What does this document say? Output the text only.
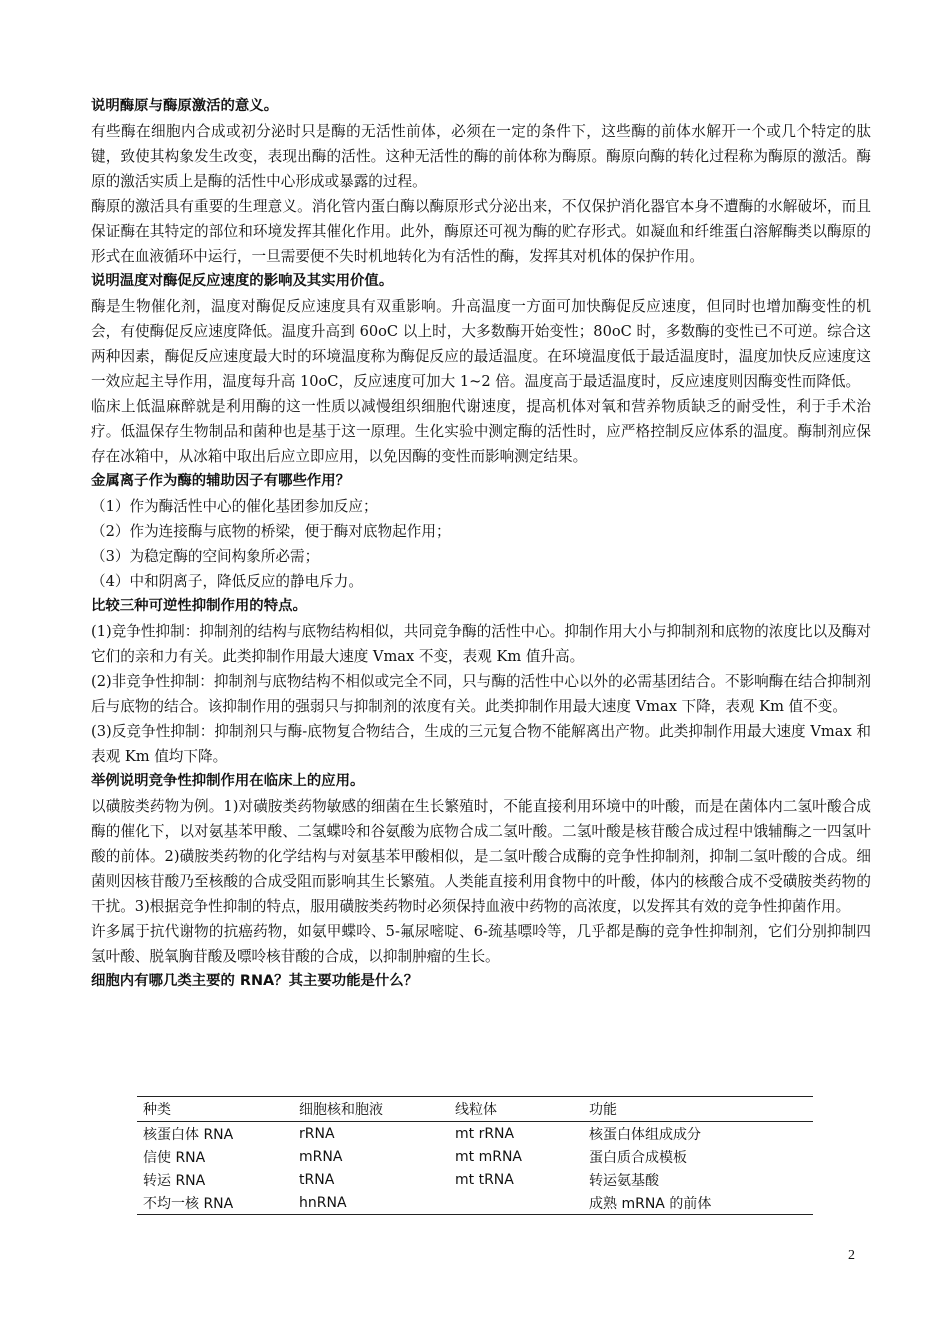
说明酶原与酶原激活的意义。
有些酶在细胞内合成或初分泌时只是酶的无活性前体，必须在一定的条件下，这些酶的前体水解开一个或几个特定的肽键，致使其构象发生改变，表现出酶的活性。这种无活性的酶的前体称为酶原。酶原向酶的转化过程称为酶原的激活。酶原的激活实质上是酶的活性中心形成或暴露的过程。
酶原的激活具有重要的生理意义。消化管内蛋白酶以酶原形式分泌出来，不仅保护消化器官本身不遭酶的水解破坏，而且保证酶在其特定的部位和环境发挥其催化作用。此外，酶原还可视为酶的贮存形式。如凝血和纤维蛋白溶解酶类以酶原的形式在血液循环中运行，一旦需要便不失时机地转化为有活性的酶，发挥其对机体的保护作用。
说明温度对酶促反应速度的影响及其实用价值。
酶是生物催化剂，温度对酶促反应速度具有双重影响。升高温度一方面可加快酶促反应速度，但同时也增加酶变性的机会，有使酶促反应速度降低。温度升高到 60oC 以上时，大多数酶开始变性；80oC 时，多数酶的变性已不可逆。综合这两种因素，酶促反应速度最大时的环境温度称为酶促反应的最适温度。在环境温度低于最适温度时，温度加快反应速度这一效应起主导作用，温度每升高 10oC，反应速度可加大 1~2 倍。温度高于最适温度时，反应速度则因酶变性而降低。
临床上低温麻醉就是利用酶的这一性质以减慢组织细胞代谢速度，提高机体对氧和营养物质缺乏的耐受性，利于手术治疗。低温保存生物制品和菌种也是基于这一原理。生化实验中测定酶的活性时，应严格控制反应体系的温度。酶制剂应保存在冰箱中，从冰箱中取出后应立即应用，以免因酶的变性而影响测定结果。
金属离子作为酶的辅助因子有哪些作用？
（1）作为酶活性中心的催化基团参加反应；
（2）作为连接酶与底物的桥梁，便于酶对底物起作用；
（3）为稳定酶的空间构象所必需；
（4）中和阴离子，降低反应的静电斥力。
比较三种可逆性抑制作用的特点。
(1)竞争性抑制：抑制剂的结构与底物结构相似，共同竞争酶的活性中心。抑制作用大小与抑制剂和底物的浓度比以及酶对它们的亲和力有关。此类抑制作用最大速度 Vmax 不变，表观 Km 值升高。
(2)非竞争性抑制：抑制剂与底物结构不相似或完全不同，只与酶的活性中心以外的必需基团结合。不影响酶在结合抑制剂后与底物的结合。该抑制作用的强弱只与抑制剂的浓度有关。此类抑制作用最大速度 Vmax 下降，表观 Km 值不变。
(3)反竞争性抑制：抑制剂只与酶-底物复合物结合，生成的三元复合物不能解离出产物。此类抑制作用最大速度 Vmax 和表观 Km 值均下降。
举例说明竞争性抑制作用在临床上的应用。
以磺胺类药物为例。1)对磺胺类药物敏感的细菌在生长繁殖时，不能直接利用环境中的叶酸，而是在菌体内二氢叶酸合成酶的催化下，以对氨基苯甲酸、二氢蝶呤和谷氨酸为底物合成二氢叶酸。二氢叶酸是核苷酸合成过程中饿辅酶之一四氢叶酸的前体。2)磺胺类药物的化学结构与对氨基苯甲酸相似，是二氢叶酸合成酶的竞争性抑制剂，抑制二氢叶酸的合成。细菌则因核苷酸乃至核酸的合成受阻而影响其生长繁殖。人类能直接利用食物中的叶酸，体内的核酸合成不受磺胺类药物的干扰。3)根据竞争性抑制的特点，服用磺胺类药物时必须保持血液中药物的高浓度，以发挥其有效的竞争性抑菌作用。
许多属于抗代谢物的抗癌药物，如氨甲蝶呤、5-氟尿嘧啶、6-巯基嘌呤等，几乎都是酶的竞争性抑制剂，它们分别抑制四氢叶酸、脱氧胸苷酸及嘌呤核苷酸的合成，以抑制肿瘤的生长。
细胞内有哪几类主要的 RNA？其主要功能是什么？
种类	细胞核和胞液	线粒体	功能
核蛋白体 RNA	rRNA	mt rRNA	核蛋白体组成成分
信使 RNA	mRNA	mt mRNA	蛋白质合成模板
转运 RNA	tRNA	mt tRNA	转运氨基酸
不均一核 RNA	hnRNA		成熟 mRNA 的前体
2
